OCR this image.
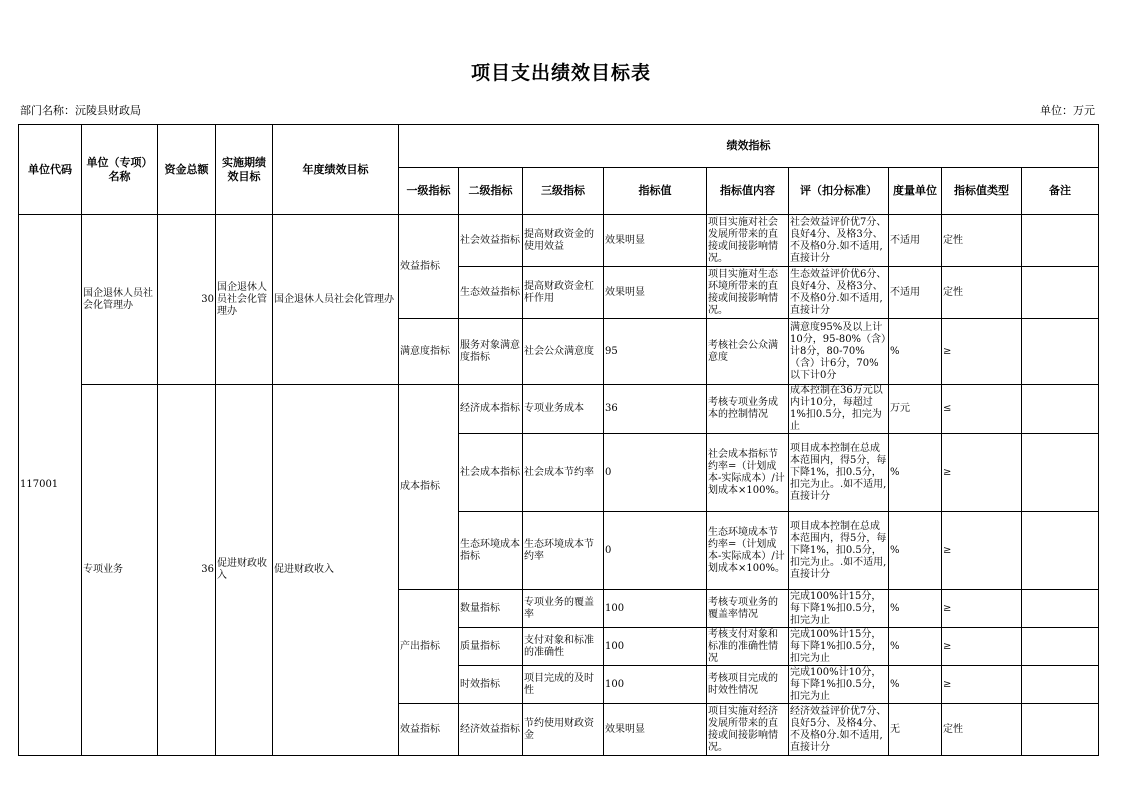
项目支出绩效目标表
部门名称：沅陵县财政局	单位：万元
单位代码	单位（专项）名称	资金总额	实施期绩效目标	年度绩效目标	绩效指标								
					一级指标	二级指标	三级指标	指标值	指标值内容	评（扣分标准）	度量单位	指标值类型	备注
117001	国企退休人员社会化管理办	30	国企退休人员社会化管理办	国企退休人员社会化管理办	效益指标	社会效益指标	提高财政资金的使用效益	效果明显	项目实施对社会发展所带来的直接或间接影响情况。	社会效益评价优7分、良好4分、及格3分、不及格0分.如不适用,直接计分	不适用	定性	
						生态效益指标	提高财政资金杠杆作用	效果明显	项目实施对生态环境所带来的直接或间接影响情况。	生态效益评价优6分、良好4分、及格3分、不及格0分.如不适用,直接计分	不适用	定性	
					满意度指标	服务对象满意度指标	社会公众满意度	95	考核社会公众满意度	满意度95%及以上计10分，95-80%（含）计8分，80-70%（含）计6分，70%以下计0分	%	≥	
	专项业务	36	促进财政收入	促进财政收入	成本指标	经济成本指标	专项业务成本	36	考核专项业务成本的控制情况	成本控制在36万元以内计10分，每超过1%扣0.5分，扣完为止	万元	≤	
						社会成本指标	社会成本节约率	0	社会成本指标节约率=（计划成本-实际成本）/计划成本×100%。	项目成本控制在总成本范围内，得5分，每下降1%，扣0.5分，扣完为止。.如不适用,直接计分	%	≥	
						生态环境成本指标	生态环境成本节约率	0	生态环境成本节约率=（计划成本-实际成本）/计划成本×100%。	项目成本控制在总成本范围内，得5分，每下降1%，扣0.5分，扣完为止。.如不适用,直接计分	%	≥	
					产出指标	数量指标	专项业务的覆盖率	100	考核专项业务的覆盖率情况	完成100%计15分，每下降1%扣0.5分，扣完为止	%	≥	
						质量指标	支付对象和标准的准确性	100	考核支付对象和标准的准确性情况	完成100%计15分，每下降1%扣0.5分，扣完为止	%	≥	
						时效指标	项目完成的及时性	100	考核项目完成的时效性情况	完成100%计10分，每下降1%扣0.5分，扣完为止	%	≥	
					效益指标	经济效益指标	节约使用财政资金	效果明显	项目实施对经济发展所带来的直接或间接影响情况。	经济效益评价优7分、良好5分、及格4分、不及格0分.如不适用,直接计分	无	定性	
